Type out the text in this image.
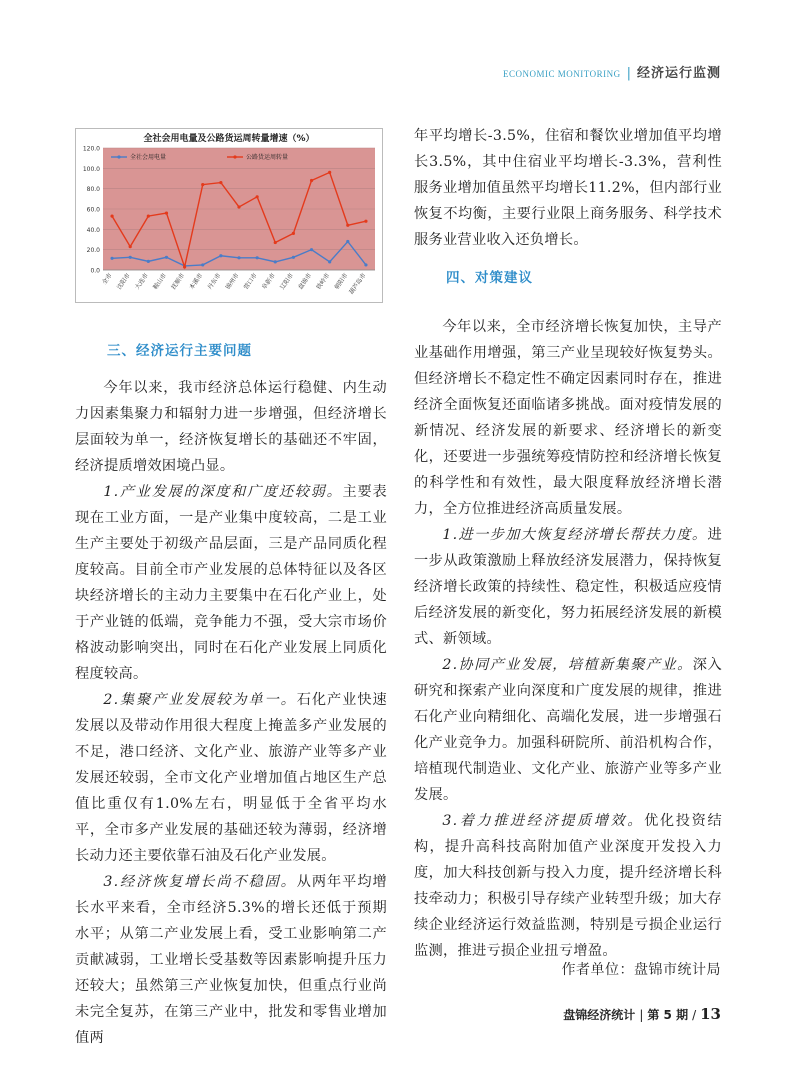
ECONOMIC MONITORING | 经济运行监测
全社会用电量及公路货运周转量增速（%）
0.0
20.0
40.0
60.0
80.0
100.0
120.0
全市 沈阳市 大连市 鞍山市 抚顺市 本溪市 丹东市 锦州市 营口市 阜新市 辽阳市 盘锦市 铁岭市 朝阳市
葫芦岛市
全社会用电量	公路货运周转量
三、经济运行主要问题

今年以来，我市经济总体运行稳健、内生动力因素集聚力和辐射力进一步增强，但经济增长层面较为单一，经济恢复增长的基础还不牢固，经济提质增效困境凸显。

1.产业发展的深度和广度还较弱。主要表现在工业方面，一是产业集中度较高，二是工业生产主要处于初级产品层面，三是产品同质化程度较高。目前全市产业发展的总体特征以及各区块经济增长的主动力主要集中在石化产业上，处于产业链的低端，竞争能力不强，受大宗市场价格波动影响突出，同时在石化产业发展上同质化程度较高。

2.集聚产业发展较为单一。石化产业快速发展以及带动作用很大程度上掩盖多产业发展的不足，港口经济、文化产业、旅游产业等多产业发展还较弱，全市文化产业增加值占地区生产总值比重仅有1.0%左右，明显低于全省平均水平，全市多产业发展的基础还较为薄弱，经济增长动力还主要依靠石油及石化产业发展。

3.经济恢复增长尚不稳固。从两年平均增长水平来看，全市经济5.3%的增长还低于预期水平；从第二产业发展上看，受工业影响第二产贡献减弱，工业增长受基数等因素影响提升压力还较大；虽然第三产业恢复加快，但重点行业尚未完全复苏，在第三产业中，批发和零售业增加值两

年平均增长-3.5%，住宿和餐饮业增加值平均增长3.5%，其中住宿业平均增长-3.3%，营利性服务业增加值虽然平均增长11.2%，但内部行业恢复不均衡，主要行业限上商务服务、科学技术服务业营业收入还负增长。

四、对策建议

今年以来，全市经济增长恢复加快，主导产业基础作用增强，第三产业呈现较好恢复势头。但经济增长不稳定性不确定因素同时存在，推进经济全面恢复还面临诸多挑战。面对疫情发展的新情况、经济发展的新要求、经济增长的新变化，还要进一步强统筹疫情防控和经济增长恢复的科学性和有效性，最大限度释放经济增长潜力，全方位推进经济高质量发展。

1.进一步加大恢复经济增长帮扶力度。进一步从政策激励上释放经济发展潜力，保持恢复经济增长政策的持续性、稳定性，积极适应疫情后经济发展的新变化，努力拓展经济发展的新模式、新领域。

2.协同产业发展，培植新集聚产业。深入研究和探索产业向深度和广度发展的规律，推进石化产业向精细化、高端化发展，进一步增强石化产业竞争力。加强科研院所、前沿机构合作，培植现代制造业、文化产业、旅游产业等多产业发展。

3.着力推进经济提质增效。优化投资结构，提升高科技高附加值产业深度开发投入力度，加大科技创新与投入力度，提升经济增长科技牵动力；积极引导存续产业转型升级；加大存续企业经济运行效益监测，特别是亏损企业运行监测，推进亏损企业扭亏增盈。

作者单位：盘锦市统计局
盘锦经济统计 | 第 5 期 / 13
